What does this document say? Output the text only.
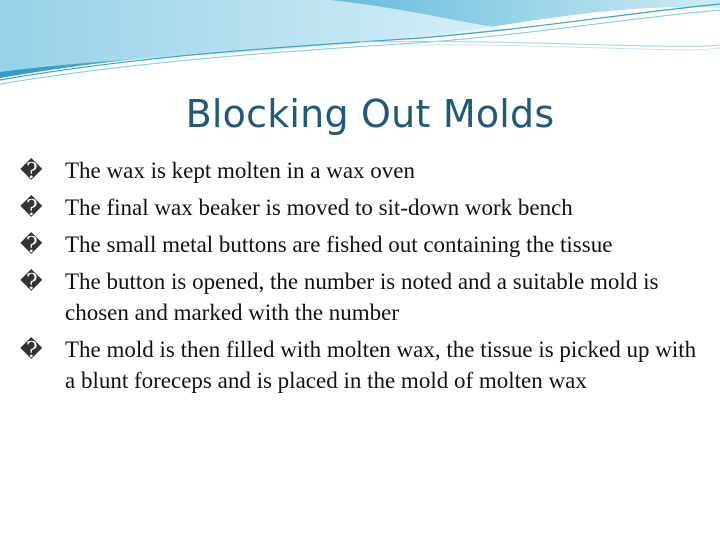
Blocking Out Molds
� The wax is kept molten in a wax oven
� The final wax beaker is moved to sit-down work bench
� The small metal buttons are fished out containing the tissue
� The button is opened, the number is noted and a suitable mold is chosen and marked with the number
� The mold is then filled with molten wax, the tissue is picked up with a blunt foreceps and is placed in the mold of molten wax
